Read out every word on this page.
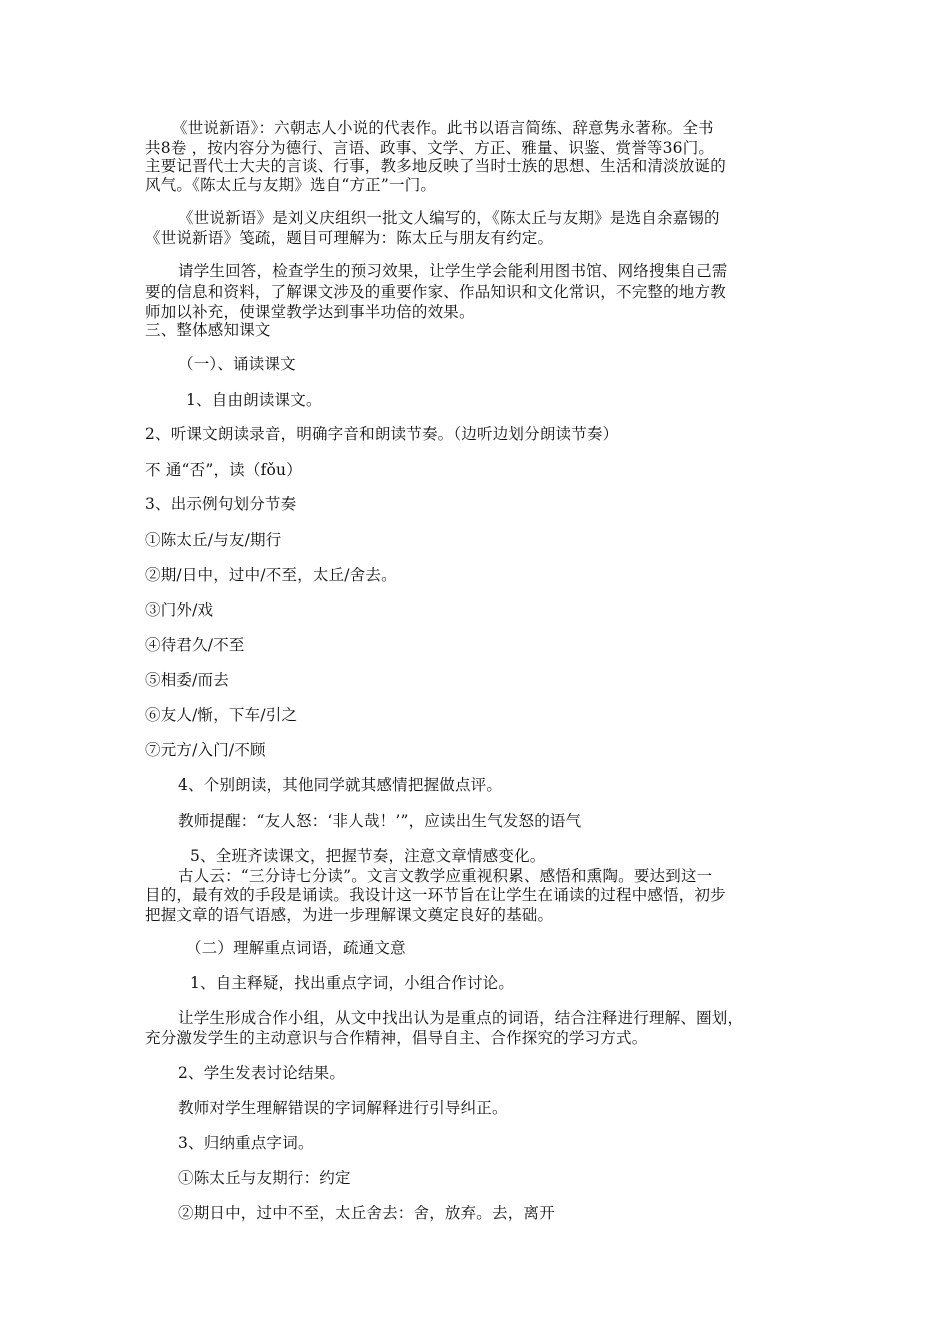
《世说新语》：六朝志人小说的代表作。此书以语言简练、辞意隽永著称。全书
共8卷 ，按内容分为德行、言语、政事、文学、方正、雅量、识鉴、赏誉等36门。
主要记晋代士大夫的言谈、行事，教多地反映了当时士族的思想、生活和清淡放诞的
风气。《陈太丘与友期》选自“方正”一门。
《世说新语》是刘义庆组织一批文人编写的，《陈太丘与友期》是选自余嘉锡的
《世说新语》笺疏，题目可理解为：陈太丘与朋友有约定。
请学生回答，检查学生的预习效果，让学生学会能利用图书馆、网络搜集自己需
要的信息和资料，了解课文涉及的重要作家、作品知识和文化常识，不完整的地方教
师加以补充，使课堂教学达到事半功倍的效果。
三、整体感知课文
（一）、诵读课文
1、自由朗读课文。
2、听课文朗读录音，明确字音和朗读节奏。（边听边划分朗读节奏）
不 通“否”，读（fǒu）
3、出示例句划分节奏
①陈太丘/与友/期行
②期/日中，过中/不至，太丘/舍去。
③门外/戏
④待君久/不至
⑤相委/而去
⑥友人/惭，下车/引之
⑦元方/入门/不顾
4、个别朗读，其他同学就其感情把握做点评。
教师提醒：“友人怒：‘非人哉！’”，应读出生气发怒的语气
5、全班齐读课文，把握节奏，注意文章情感变化。
古人云：“三分诗七分读”。文言文教学应重视积累、感悟和熏陶。要达到这一
目的，最有效的手段是诵读。我设计这一环节旨在让学生在诵读的过程中感悟，初步
把握文章的语气语感，为进一步理解课文奠定良好的基础。
（二）理解重点词语，疏通文意
1、自主释疑，找出重点字词，小组合作讨论。
让学生形成合作小组，从文中找出认为是重点的词语，结合注释进行理解、圈划，
充分激发学生的主动意识与合作精神，倡导自主、合作探究的学习方式。
2、学生发表讨论结果。
教师对学生理解错误的字词解释进行引导纠正。
3、归纳重点字词。
①陈太丘与友期行：约定
②期日中，过中不至，太丘舍去：舍，放弃。去，离开
